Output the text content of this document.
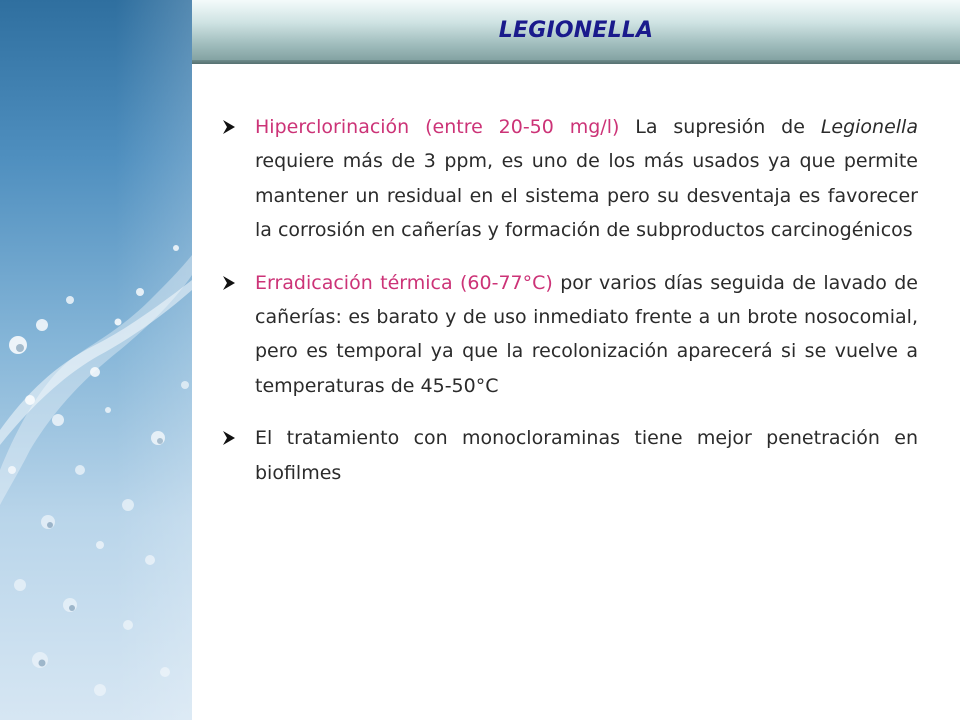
LEGIONELLA
Hiperclorinación (entre 20-50 mg/l) La supresión de Legionella requiere más de 3 ppm, es uno de los más usados ya que permite mantener un residual en el sistema pero su desventaja es favorecer la corrosión en cañerías y formación de subproductos carcinogénicos
Erradicación térmica (60-77°C) por varios días seguida de lavado de cañerías: es barato y de uso inmediato frente a un brote nosocomial, pero es temporal ya que la recolonización aparecerá si se vuelve a temperaturas de 45-50°C
El tratamiento con monocloraminas tiene mejor penetración en biofilmes
